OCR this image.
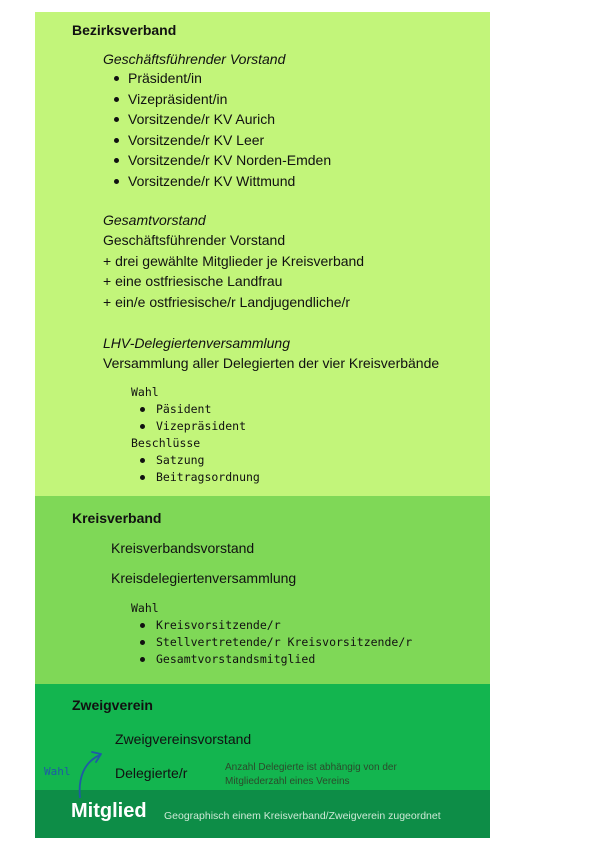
Bezirksverband
Geschäftsführender Vorstand
Präsident/in
Vizepräsident/in
Vorsitzende/r KV Aurich
Vorsitzende/r KV Leer
Vorsitzende/r KV Norden-Emden
Vorsitzende/r KV Wittmund
Gesamtvorstand
Geschäftsführender Vorstand
+ drei gewählte Mitglieder je Kreisverband
+ eine ostfriesische Landfrau
+ ein/e ostfriesische/r Landjugendliche/r
LHV-Delegiertenversammlung
Versammlung aller Delegierten der vier Kreisverbände
Wahl
Päsident
Vizepräsident
Beschlüsse
Satzung
Beitragsordnung
Kreisverband
Kreisverbandsvorstand
Kreisdelegiertenversammlung
Wahl
Kreisvorsitzende/r
Stellvertretende/r Kreisvorsitzende/r
Gesamtvorstandsmitglied
Zweigverein
Zweigvereinsvorstand
Delegierte/r	Anzahl Delegierte ist abhängig von der
Mitgliederzahl eines Vereins
Wahl
Mitglied Geographisch einem Kreisverband/Zweigverein zugeordnet
